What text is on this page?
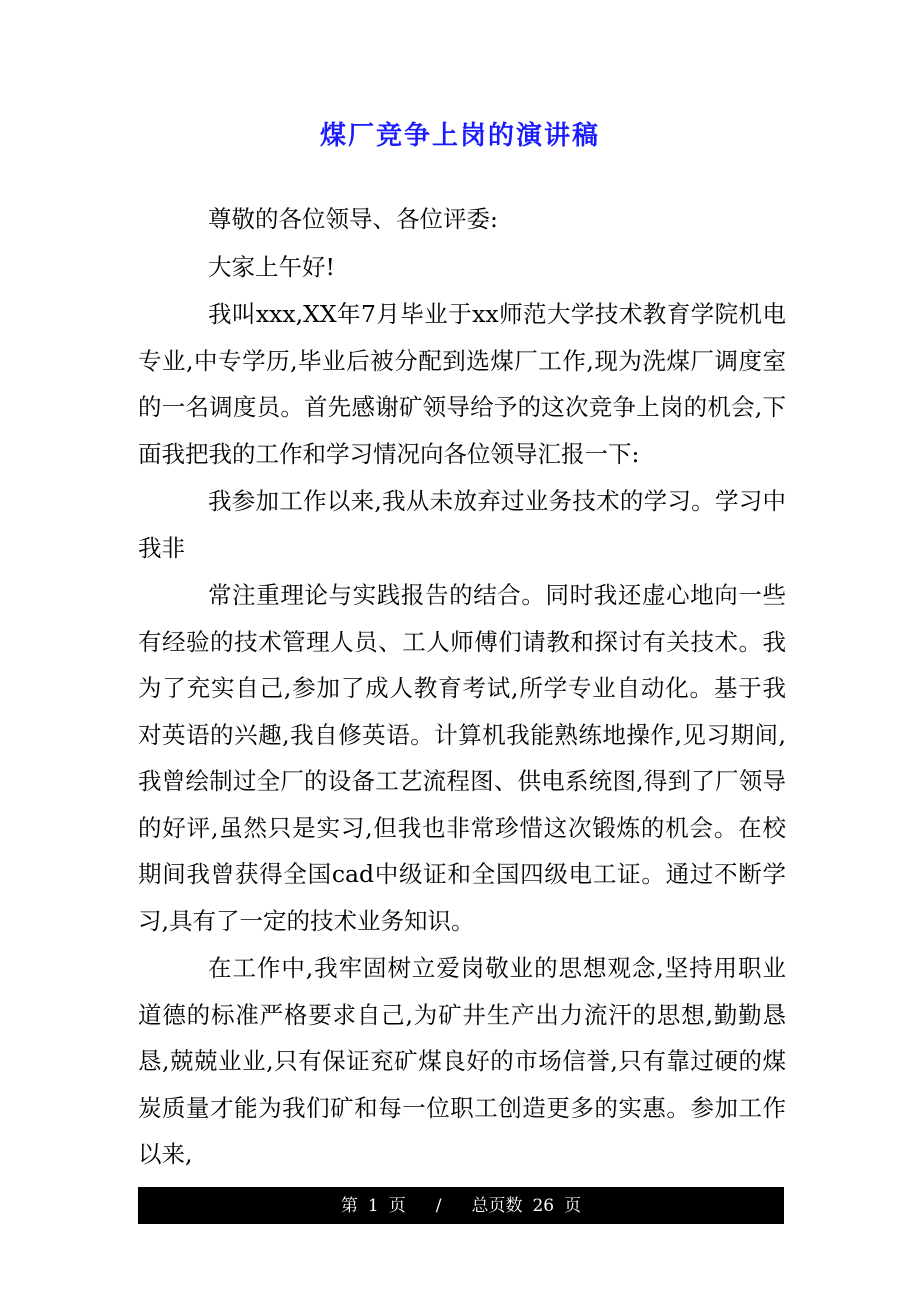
煤厂竞争上岗的演讲稿

尊敬的各位领导、各位评委:

大家上午好!

我叫xxx,XX年7月毕业于xx师范大学技术教育学院机电专业,中专学历,毕业后被分配到选煤厂工作,现为洗煤厂调度室的一名调度员。首先感谢矿领导给予的这次竞争上岗的机会,下面我把我的工作和学习情况向各位领导汇报一下:

我参加工作以来,我从未放弃过业务技术的学习。学习中我非

常注重理论与实践报告的结合。同时我还虚心地向一些有经验的技术管理人员、工人师傅们请教和探讨有关技术。我为了充实自己,参加了成人教育考试,所学专业自动化。基于我对英语的兴趣,我自修英语。计算机我能熟练地操作,见习期间,我曾绘制过全厂的设备工艺流程图、供电系统图,得到了厂领导的好评,虽然只是实习,但我也非常珍惜这次锻炼的机会。在校期间我曾获得全国cad中级证和全国四级电工证。通过不断学习,具有了一定的技术业务知识。

在工作中,我牢固树立爱岗敬业的思想观念,坚持用职业道德的标准严格要求自己,为矿井生产出力流汗的思想,勤勤恳恳,兢兢业业,只有保证兖矿煤良好的市场信誉,只有靠过硬的煤炭质量才能为我们矿和每一位职工创造更多的实惠。参加工作以来,

第 1 页	/	总页数 26 页
